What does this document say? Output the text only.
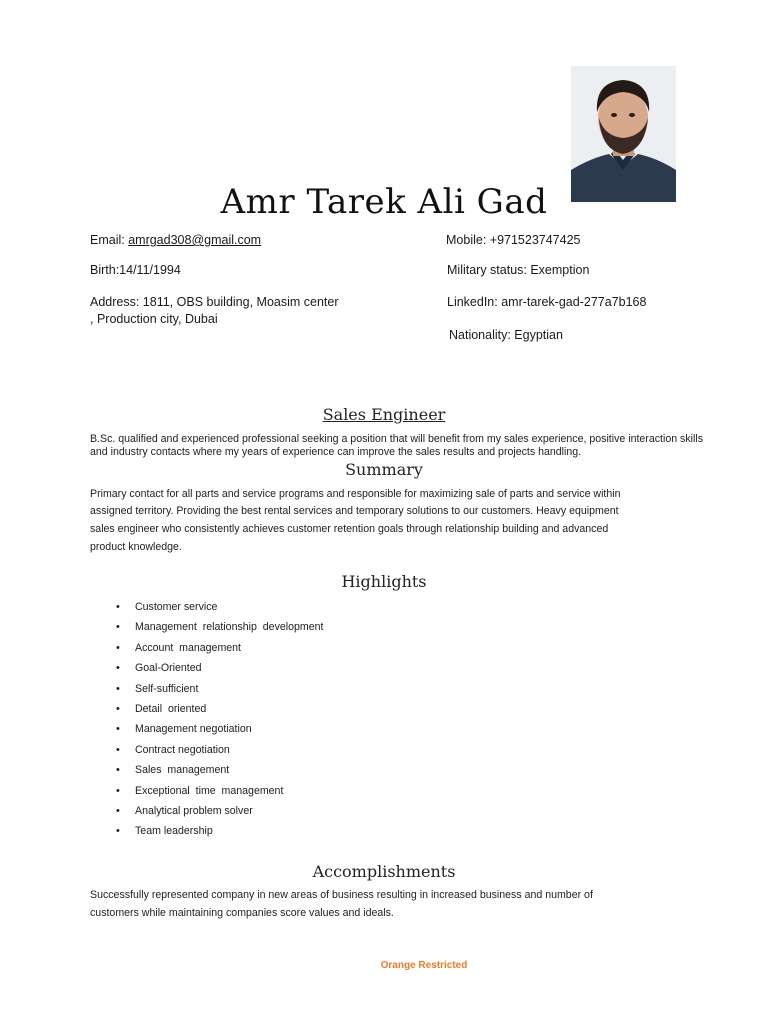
Amr Tarek Ali Gad
Email: amrgad308@gmail.com
Birth:14/11/1994
Address: 1811, OBS building, Moasim center
, Production city, Dubai
Mobile: +971523747425
Military status: Exemption
LinkedIn: amr-tarek-gad-277a7b168
Nationality: Egyptian
Sales Engineer
B.Sc. qualified and experienced professional seeking a position that will benefit from my sales experience, positive interaction skills
and industry contacts where my years of experience can improve the sales results and projects handling.
Summary
Primary contact for all parts and service programs and responsible for maximizing sale of parts and service within
assigned territory. Providing the best rental services and temporary solutions to our customers. Heavy equipment
sales engineer who consistently achieves customer retention goals through relationship building and advanced
product knowledge.
Highlights
• Customer service
• Management  relationship  development
• Account  management
• Goal-Oriented
• Self-sufficient
• Detail  oriented
• Management negotiation
• Contract negotiation
• Sales  management
• Exceptional  time  management
• Analytical problem solver
• Team leadership
Accomplishments
Successfully represented company in new areas of business resulting in increased business and number of
customers while maintaining companies score values and ideals.
Orange Restricted
